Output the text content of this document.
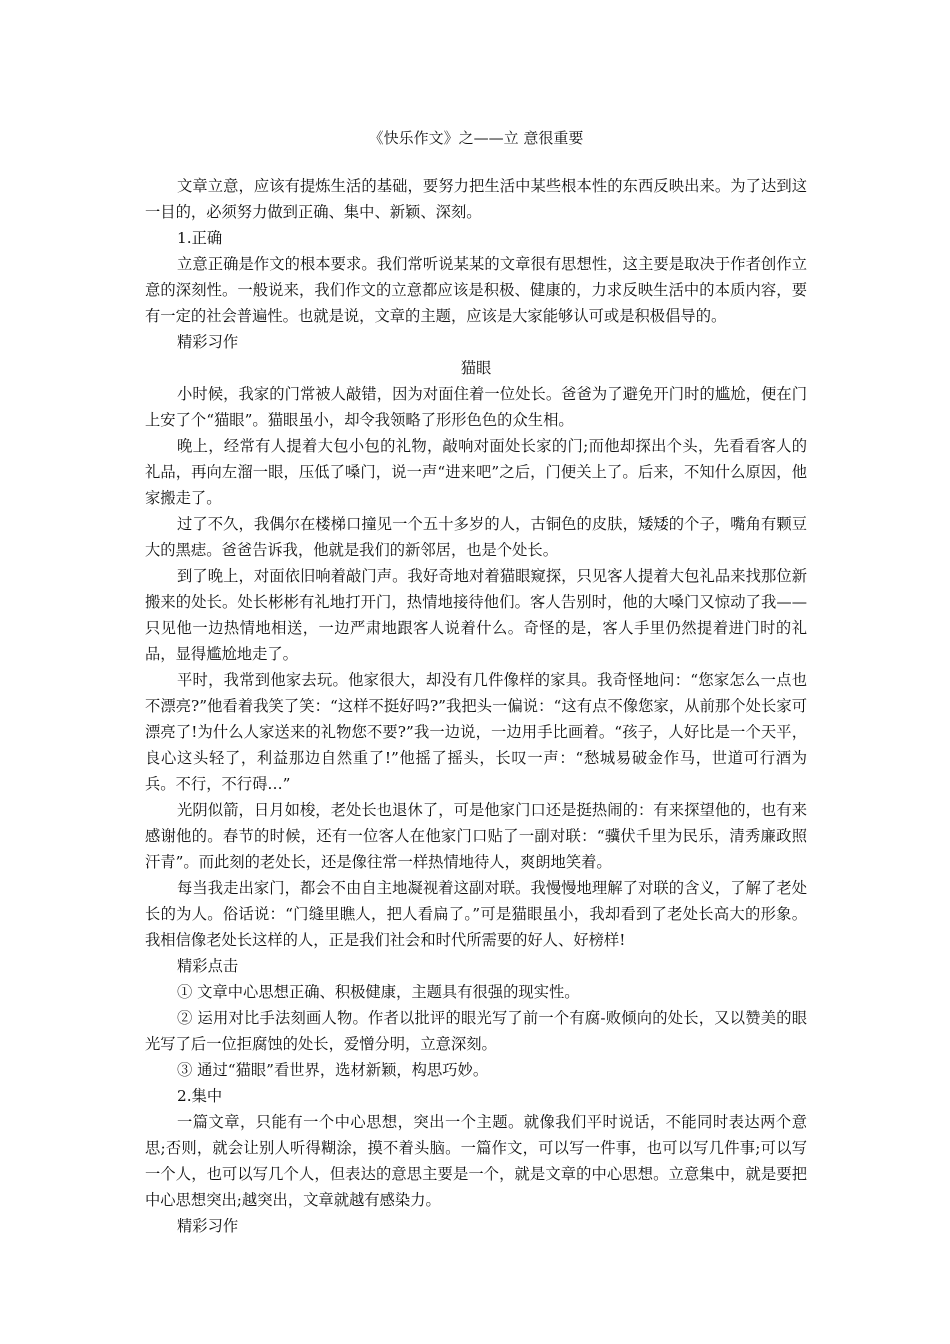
《快乐作文》之——立 意很重要

文章立意，应该有提炼生活的基础，要努力把生活中某些根本性的东西反映出来。为了达到这一目的，必须努力做到正确、集中、新颖、深刻。

1.正确

立意正确是作文的根本要求。我们常听说某某的文章很有思想性，这主要是取决于作者创作立意的深刻性。一般说来，我们作文的立意都应该是积极、健康的，力求反映生活中的本质内容，要有一定的社会普遍性。也就是说，文章的主题，应该是大家能够认可或是积极倡导的。

精彩习作

猫眼

小时候，我家的门常被人敲错，因为对面住着一位处长。爸爸为了避免开门时的尴尬，便在门上安了个“猫眼”。猫眼虽小，却令我领略了形形色色的众生相。

晚上，经常有人提着大包小包的礼物，敲响对面处长家的门;而他却探出个头，先看看客人的礼品，再向左溜一眼，压低了嗓门，说一声“进来吧”之后，门便关上了。后来，不知什么原因，他家搬走了。

过了不久，我偶尔在楼梯口撞见一个五十多岁的人，古铜色的皮肤，矮矮的个子，嘴角有颗豆大的黑痣。爸爸告诉我，他就是我们的新邻居，也是个处长。

到了晚上，对面依旧响着敲门声。我好奇地对着猫眼窥探，只见客人提着大包礼品来找那位新搬来的处长。处长彬彬有礼地打开门，热情地接待他们。客人告别时，他的大嗓门又惊动了我——只见他一边热情地相送，一边严肃地跟客人说着什么。奇怪的是，客人手里仍然提着进门时的礼品，显得尴尬地走了。

平时，我常到他家去玩。他家很大，却没有几件像样的家具。我奇怪地问：“您家怎么一点也不漂亮?”他看着我笑了笑：“这样不挺好吗?”我把头一偏说：“这有点不像您家，从前那个处长家可漂亮了!为什么人家送来的礼物您不要?”我一边说，一边用手比画着。“孩子，人好比是一个天平，良心这头轻了，利益那边自然重了!”他摇了摇头，长叹一声：“愁城易破金作马，世道可行酒为兵。不行，不行碍…”

光阴似箭，日月如梭，老处长也退休了，可是他家门口还是挺热闹的：有来探望他的，也有来感谢他的。春节的时候，还有一位客人在他家门口贴了一副对联：“骥伏千里为民乐，清秀廉政照汗青”。而此刻的老处长，还是像往常一样热情地待人，爽朗地笑着。

每当我走出家门，都会不由自主地凝视着这副对联。我慢慢地理解了对联的含义，了解了老处长的为人。俗话说：“门缝里瞧人，把人看扁了。”可是猫眼虽小，我却看到了老处长高大的形象。我相信像老处长这样的人，正是我们社会和时代所需要的好人、好榜样!

精彩点击

① 文章中心思想正确、积极健康，主题具有很强的现实性。

② 运用对比手法刻画人物。作者以批评的眼光写了前一个有腐-败倾向的处长，又以赞美的眼光写了后一位拒腐蚀的处长，爱憎分明，立意深刻。

③ 通过“猫眼”看世界，选材新颖，构思巧妙。

2.集中

一篇文章，只能有一个中心思想，突出一个主题。就像我们平时说话，不能同时表达两个意思;否则，就会让别人听得糊涂，摸不着头脑。一篇作文，可以写一件事，也可以写几件事;可以写一个人，也可以写几个人，但表达的意思主要是一个，就是文章的中心思想。立意集中，就是要把中心思想突出;越突出，文章就越有感染力。

精彩习作
